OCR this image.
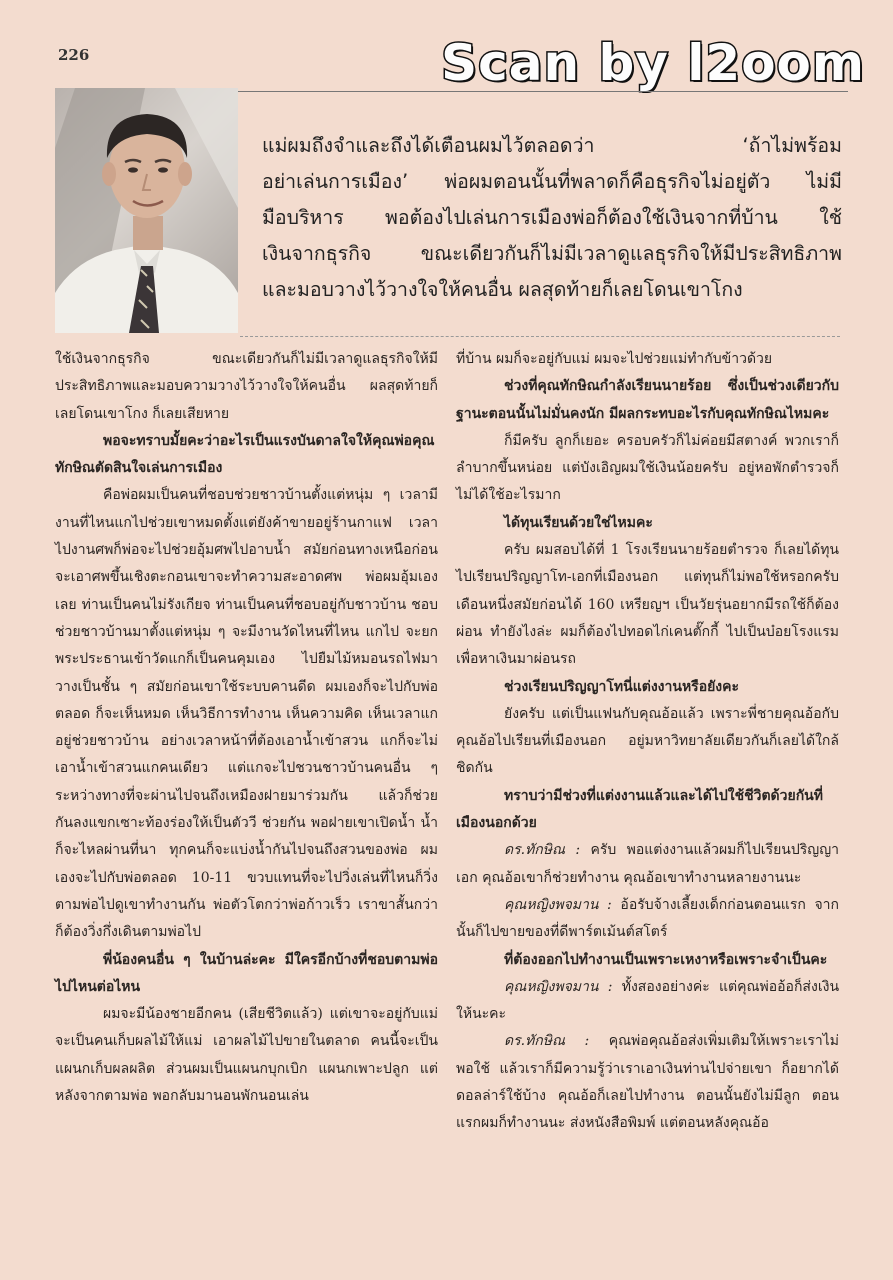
226	Scan by l2oom
แม่ผมถึงจำและถึงได้เตือนผมไว้ตลอดว่า ‘ถ้าไม่พร้อม
อย่าเล่นการเมือง’ พ่อผมตอนนั้นที่พลาดก็คือธุรกิจไม่อยู่ตัว ไม่มี
มือบริหาร พอต้องไปเล่นการเมืองพ่อก็ต้องใช้เงินจากที่บ้าน ใช้
เงินจากธุรกิจ ขณะเดียวกันก็ไม่มีเวลาดูแลธุรกิจให้มีประสิทธิภาพ
และมอบวางไว้วางใจให้คนอื่น ผลสุดท้ายก็เลยโดนเขาโกง

ใช้เงินจากธุรกิจ ขณะเดียวกันก็ไม่มีเวลาดูแลธุรกิจให้มีประสิทธิภาพและมอบความวางไว้วางใจให้คนอื่น ผลสุดท้ายก็เลยโดนเขาโกง ก็เลยเสียหาย

พอจะทราบมั้ยคะว่าอะไรเป็นแรงบันดาลใจให้คุณพ่อคุณทักษิณตัดสินใจเล่นการเมือง

คือพ่อผมเป็นคนที่ชอบช่วยชาวบ้านตั้งแต่หนุ่ม ๆ เวลามีงานที่ไหนแกไปช่วยเขาหมดตั้งแต่ยังค้าขายอยู่ร้านกาแฟ เวลาไปงานศพก็พ่อจะไปช่วยอุ้มศพไปอาบน้ำ สมัยก่อนทางเหนือก่อนจะเอาศพขึ้นเชิงตะกอนเขาจะทำความสะอาดศพ พ่อผมอุ้มเองเลย ท่านเป็นคนไม่รังเกียจ ท่านเป็นคนที่ชอบอยู่กับชาวบ้าน ชอบช่วยชาวบ้านมาตั้งแต่หนุ่ม ๆ จะมีงานวัดไหนที่ไหน แกไป จะยกพระประธานเข้าวัดแกก็เป็นคนคุมเอง ไปยืมไม้หมอนรถไฟมาวางเป็นชั้น ๆ สมัยก่อนเขาใช้ระบบคานดีด ผมเองก็จะไปกับพ่อตลอด ก็จะเห็นหมด เห็นวิธีการทำงาน เห็นความคิด เห็นเวลาแกอยู่ช่วยชาวบ้าน อย่างเวลาหน้าที่ต้องเอาน้ำเข้าสวน แกก็จะไม่เอาน้ำเข้าสวนแกคนเดียว แต่แกจะไปชวนชาวบ้านคนอื่น ๆ ระหว่างทางที่จะผ่านไปจนถึงเหมืองฝายมาร่วมกัน แล้วก็ช่วยกันลงแขกเซาะท้องร่องให้เป็นตัววี ช่วยกัน พอฝายเขาเปิดน้ำ น้ำก็จะไหลผ่านที่นา ทุกคนก็จะแบ่งน้ำกันไปจนถึงสวนของพ่อ ผมเองจะไปกับพ่อตลอด 10-11 ขวบแทนที่จะไปวิ่งเล่นที่ไหนก็วิ่งตามพ่อไปดูเขาทำงานกัน พ่อตัวโตกว่าพ่อก้าวเร็ว เราขาสั้นกว่าก็ต้องวิ่งกึ่งเดินตามพ่อไป

พี่น้องคนอื่น ๆ ในบ้านล่ะคะ มีใครอีกบ้างที่ชอบตามพ่อไปไหนต่อไหน

ผมจะมีน้องชายอีกคน (เสียชีวิตแล้ว) แต่เขาจะอยู่กับแม่ จะเป็นคนเก็บผลไม้ให้แม่ เอาผลไม้ไปขายในตลาด คนนี้จะเป็นแผนกเก็บผลผลิต ส่วนผมเป็นแผนกบุกเบิก แผนกเพาะปลูก แต่หลังจากตามพ่อ พอกลับมานอนพักนอนเล่น

ที่บ้าน ผมก็จะอยู่กับแม่ ผมจะไปช่วยแม่ทำกับข้าวด้วย

ช่วงที่คุณทักษิณกำลังเรียนนายร้อย ซึ่งเป็นช่วงเดียวกับฐานะตอนนั้นไม่มั่นคงนัก มีผลกระทบอะไรกับคุณทักษิณไหมคะ

ก็มีครับ ลูกก็เยอะ ครอบครัวก็ไม่ค่อยมีสตางค์ พวกเราก็ลำบากขึ้นหน่อย แต่บังเอิญผมใช้เงินน้อยครับ อยู่หอพักตำรวจก็ไม่ได้ใช้อะไรมาก

ได้ทุนเรียนด้วยใช่ไหมคะ

ครับ ผมสอบได้ที่ 1 โรงเรียนนายร้อยตำรวจ ก็เลยได้ทุนไปเรียนปริญญาโท-เอกที่เมืองนอก แต่ทุนก็ไม่พอใช้หรอกครับ เดือนหนึ่งสมัยก่อนได้ 160 เหรียญฯ เป็นวัยรุ่นอยากมีรถใช้ก็ต้องผ่อน ทำยังไงล่ะ ผมก็ต้องไปทอดไก่เคนตั๊กกี้ ไปเป็นบ๋อยโรงแรมเพื่อหาเงินมาผ่อนรถ

ช่วงเรียนปริญญาโทนี่แต่งงานหรือยังคะ

ยังครับ แต่เป็นแฟนกับคุณอ้อแล้ว เพราะพี่ชายคุณอ้อกับคุณอ้อไปเรียนที่เมืองนอก อยู่มหาวิทยาลัยเดียวกันก็เลยได้ใกล้ชิดกัน

ทราบว่ามีช่วงที่แต่งงานแล้วและได้ไปใช้ชีวิตด้วยกันที่เมืองนอกด้วย

ดร.ทักษิณ : ครับ พอแต่งงานแล้วผมก็ไปเรียนปริญญาเอก คุณอ้อเขาก็ช่วยทำงาน คุณอ้อเขาทำงานหลายงานนะ

คุณหญิงพจมาน : อ้อรับจ้างเลี้ยงเด็กก่อนตอนแรก จากนั้นก็ไปขายของที่ดีพาร์ตเม้นต์สโตร์

ที่ต้องออกไปทำงานเป็นเพราะเหงาหรือเพราะจำเป็นคะ

คุณหญิงพจมาน : ทั้งสองอย่างค่ะ แต่คุณพ่ออ้อก็ส่งเงินให้นะคะ

ดร.ทักษิณ : คุณพ่อคุณอ้อส่งเพิ่มเติมให้เพราะเราไม่พอใช้ แล้วเราก็มีความรู้ว่าเราเอาเงินท่านไปจ่ายเขา ก็อยากได้ดอลล่าร์ใช้บ้าง คุณอ้อก็เลยไปทำงาน ตอนนั้นยังไม่มีลูก ตอนแรกผมก็ทำงานนะ ส่งหนังสือพิมพ์ แต่ตอนหลังคุณอ้อ
